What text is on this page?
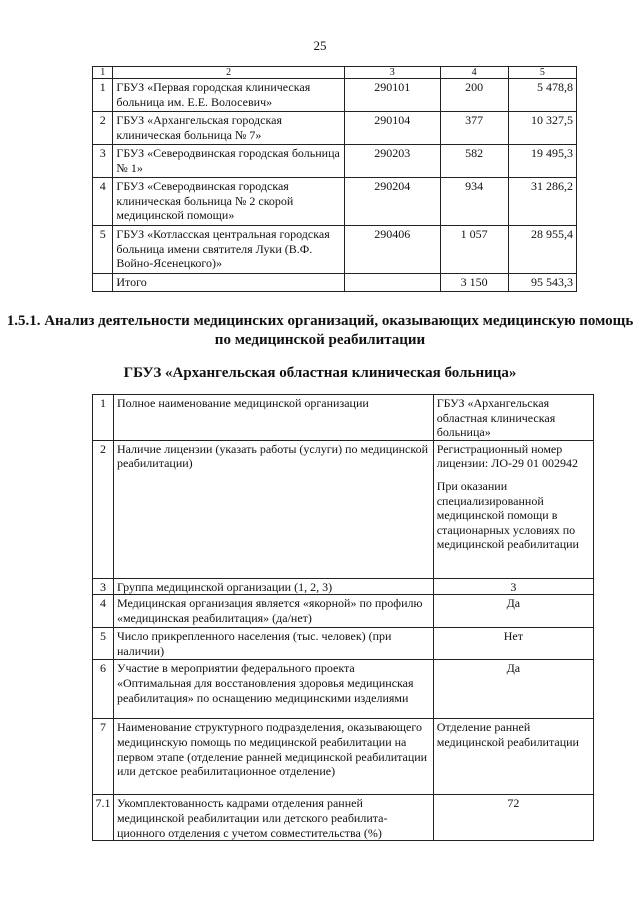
25
1	2	3	4	5
1	ГБУЗ «Первая городская клиническая больница им. Е.Е. Волосевич»	290101	200	5 478,8
2	ГБУЗ «Архангельская городская клиническая больница № 7»	290104	377	10 327,5
3	ГБУЗ «Северодвинская городская больница № 1»	290203	582	19 495,3
4	ГБУЗ «Северодвинская городская клиническая больница № 2 скорой медицинской помощи»	290204	934	31 286,2
5	ГБУЗ «Котласская центральная городская больница имени святителя Луки (В.Ф. Войно-Ясенецкого)»	290406	1 057	28 955,4
	Итого		3 150	95 543,3
1.5.1. Анализ деятельности медицинских организаций, оказывающих медицинскую помощь по медицинской реабилитации
ГБУЗ «Архангельская областная клиническая больница»
1	Полное наименование медицинской организации	ГБУЗ «Архангельская областная клиническая больница»
2	Наличие лицензии (указать работы (услуги) по медицинской реабилитации)	Регистрационный номер лицензии: ЛО-29 01 002942
При оказании специализированной медицинской помощи в стационарных условиях по медицинской реабилитации

3	Группа медицинской организации (1, 2, 3)	3
4	Медицинская организация является «якорной» по профилю «медицинская реабилитация» (да/нет)	Да
5	Число прикрепленного населения (тыс. человек) (при наличии)	Нет
6	Участие в мероприятии федерального проекта «Оптимальная для восстановления здоровья медицинская реабилитация» по оснащению медицинскими изделиями	Да
7	Наименование структурного подразделения, оказывающего медицинскую помощь по медицинской реабилитации на первом этапе (отделение ранней медицинской реабилитации или детское реабилитационное отделение)	Отделение ранней медицинской реабилитации
7.1	Укомплектованность кадрами отделения ранней медицинской реабилитации или детского реабилита-ционного отделения с учетом совместительства (%)	72
